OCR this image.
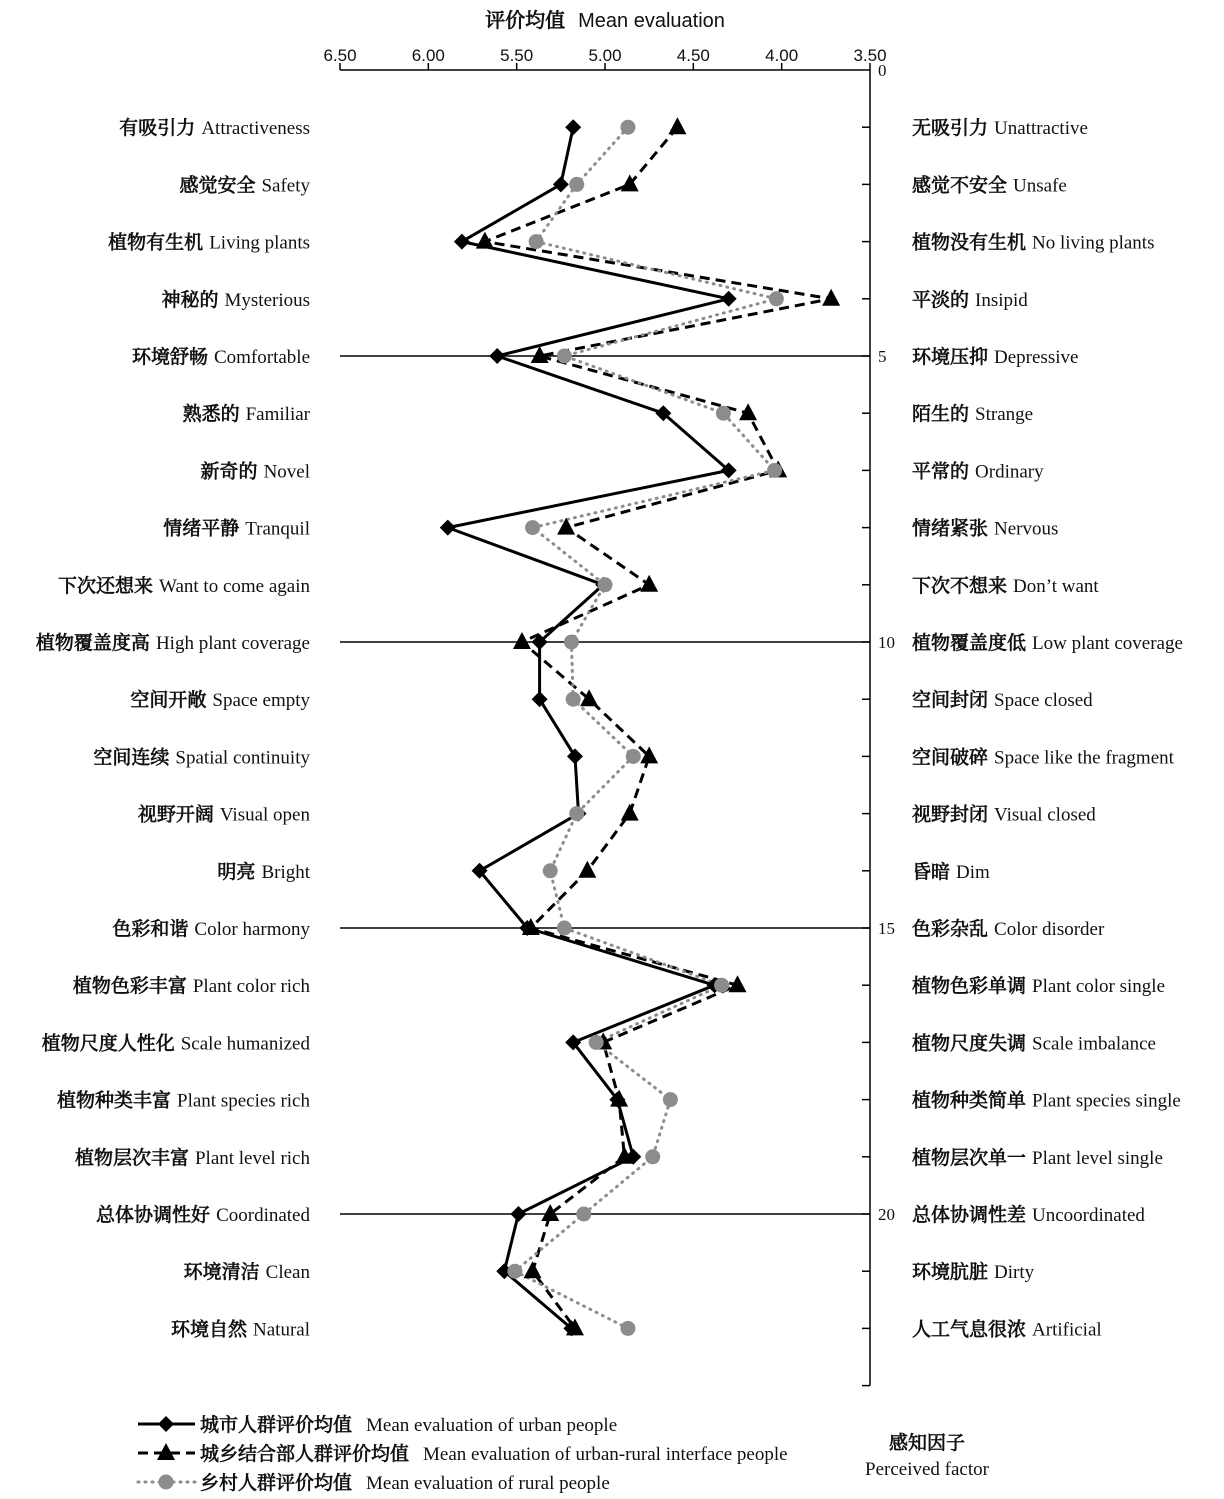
评价均值 Mean evaluation
6.50	6.00	5.50	5.00	4.50	4.00	3.50
0
5
10
15
20
有吸引力 Attractiveness	无吸引力 Unattractive
感觉安全 Safety	感觉不安全 Unsafe
植物有生机 Living plants	植物没有生机 No living plants
神秘的 Mysterious	平淡的 Insipid
环境舒畅 Comfortable	环境压抑 Depressive
熟悉的 Familiar	陌生的 Strange
新奇的 Novel	平常的 Ordinary
情绪平静 Tranquil	情绪紧张 Nervous
下次还想来 Want to come again	下次不想来 Don’t want
植物覆盖度高 High plant coverage	植物覆盖度低 Low plant coverage
空间开敞 Space empty	空间封闭 Space closed
空间连续 Spatial continuity	空间破碎 Space like the fragment
视野开阔 Visual open	视野封闭 Visual closed
明亮 Bright	昏暗 Dim
色彩和谐 Color harmony	色彩杂乱 Color disorder
植物色彩丰富 Plant color rich	植物色彩单调 Plant color single
植物尺度人性化 Scale humanized	植物尺度失调 Scale imbalance
植物种类丰富 Plant species rich	植物种类简单 Plant species single
植物层次丰富 Plant level rich	植物层次单一 Plant level single
总体协调性好 Coordinated	总体协调性差 Uncoordinated
环境清洁 Clean	环境肮脏 Dirty
环境自然 Natural	人工气息很浓 Artificial
城市人群评价均值 Mean evaluation of urban people
城乡结合部人群评价均值 Mean evaluation of urban-rural interface people
乡村人群评价均值 Mean evaluation of rural people
感知因子
Perceived factor
